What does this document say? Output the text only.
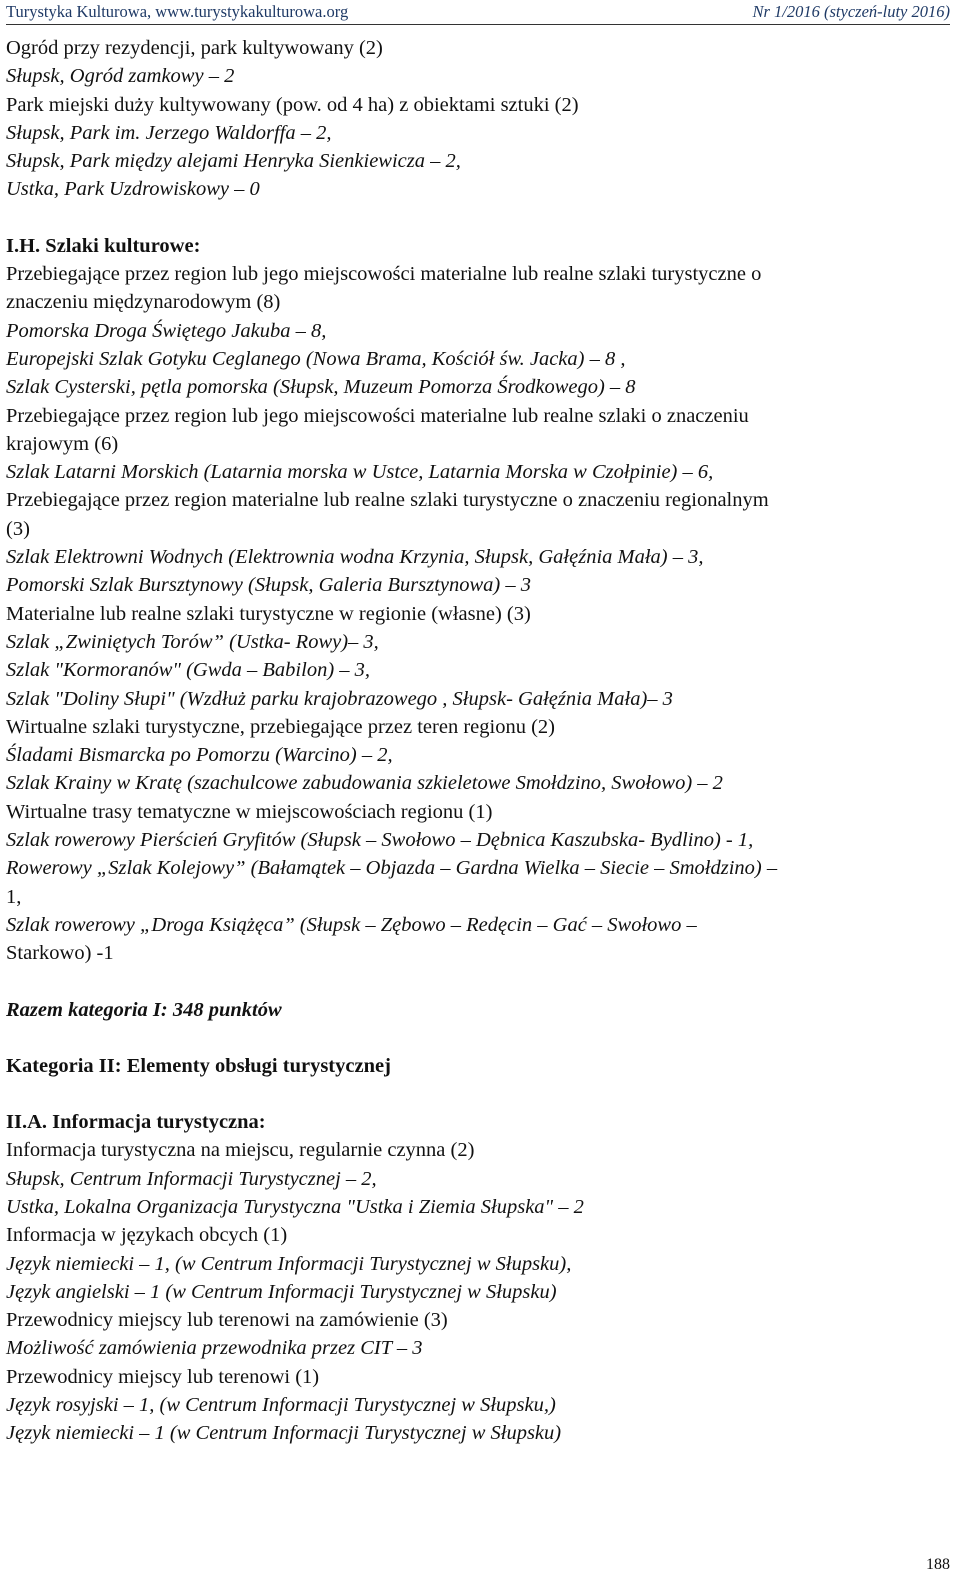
Turystyka Kulturowa, www.turystykakulturowa.org	Nr 1/2016 (styczeń-luty 2016)
Ogród przy rezydencji, park kultywowany (2)
Słupsk, Ogród zamkowy – 2
Park miejski duży kultywowany (pow. od 4 ha) z obiektami sztuki (2)
Słupsk, Park im. Jerzego Waldorffa – 2,
Słupsk, Park między alejami Henryka Sienkiewicza – 2,
Ustka, Park Uzdrowiskowy – 0
I.H. Szlaki kulturowe:
Przebiegające przez region lub jego miejscowości materialne lub realne szlaki turystyczne o
znaczeniu międzynarodowym (8)
Pomorska Droga Świętego Jakuba – 8,
Europejski Szlak Gotyku Ceglanego (Nowa Brama, Kościół św. Jacka) – 8 ,
Szlak Cysterski, pętla pomorska (Słupsk, Muzeum Pomorza Środkowego) – 8
Przebiegające przez region lub jego miejscowości materialne lub realne szlaki o znaczeniu
krajowym (6)
Szlak Latarni Morskich (Latarnia morska w Ustce, Latarnia Morska w Czołpinie) – 6,
Przebiegające przez region materialne lub realne szlaki turystyczne o znaczeniu regionalnym
(3)
Szlak Elektrowni Wodnych (Elektrownia wodna Krzynia, Słupsk, Gałęźnia Mała) – 3,
Pomorski Szlak Bursztynowy (Słupsk, Galeria Bursztynowa) – 3
Materialne lub realne szlaki turystyczne w regionie (własne) (3)
Szlak „Zwiniętych Torów” (Ustka- Rowy)– 3,
Szlak "Kormoranów" (Gwda – Babilon) – 3,
Szlak "Doliny Słupi" (Wzdłuż parku krajobrazowego , Słupsk- Gałęźnia Mała)– 3
Wirtualne szlaki turystyczne, przebiegające przez teren regionu (2)
Śladami Bismarcka po Pomorzu (Warcino) – 2,
Szlak Krainy w Kratę (szachulcowe zabudowania szkieletowe Smołdzino, Swołowo) – 2
Wirtualne trasy tematyczne w miejscowościach regionu (1)
Szlak rowerowy Pierścień Gryfitów (Słupsk – Swołowo – Dębnica Kaszubska- Bydlino) - 1,
Rowerowy „Szlak Kolejowy” (Bałamątek – Objazda – Gardna Wielka – Siecie – Smołdzino) –
1,
Szlak rowerowy „Droga Książęca” (Słupsk – Zębowo – Redęcin – Gać – Swołowo –
Starkowo) -1
Razem kategoria I: 348 punktów
Kategoria II: Elementy obsługi turystycznej
II.A. Informacja turystyczna:
Informacja turystyczna na miejscu, regularnie czynna (2)
Słupsk, Centrum Informacji Turystycznej – 2,
Ustka, Lokalna Organizacja Turystyczna "Ustka i Ziemia Słupska" – 2
Informacja w językach obcych (1)
Język niemiecki – 1, (w Centrum Informacji Turystycznej w Słupsku),
Język angielski – 1 (w Centrum Informacji Turystycznej w Słupsku)
Przewodnicy miejscy lub terenowi na zamówienie (3)
Możliwość zamówienia przewodnika przez CIT – 3
Przewodnicy miejscy lub terenowi (1)
Język rosyjski – 1, (w Centrum Informacji Turystycznej w Słupsku,)
Język niemiecki – 1 (w Centrum Informacji Turystycznej w Słupsku)
188
